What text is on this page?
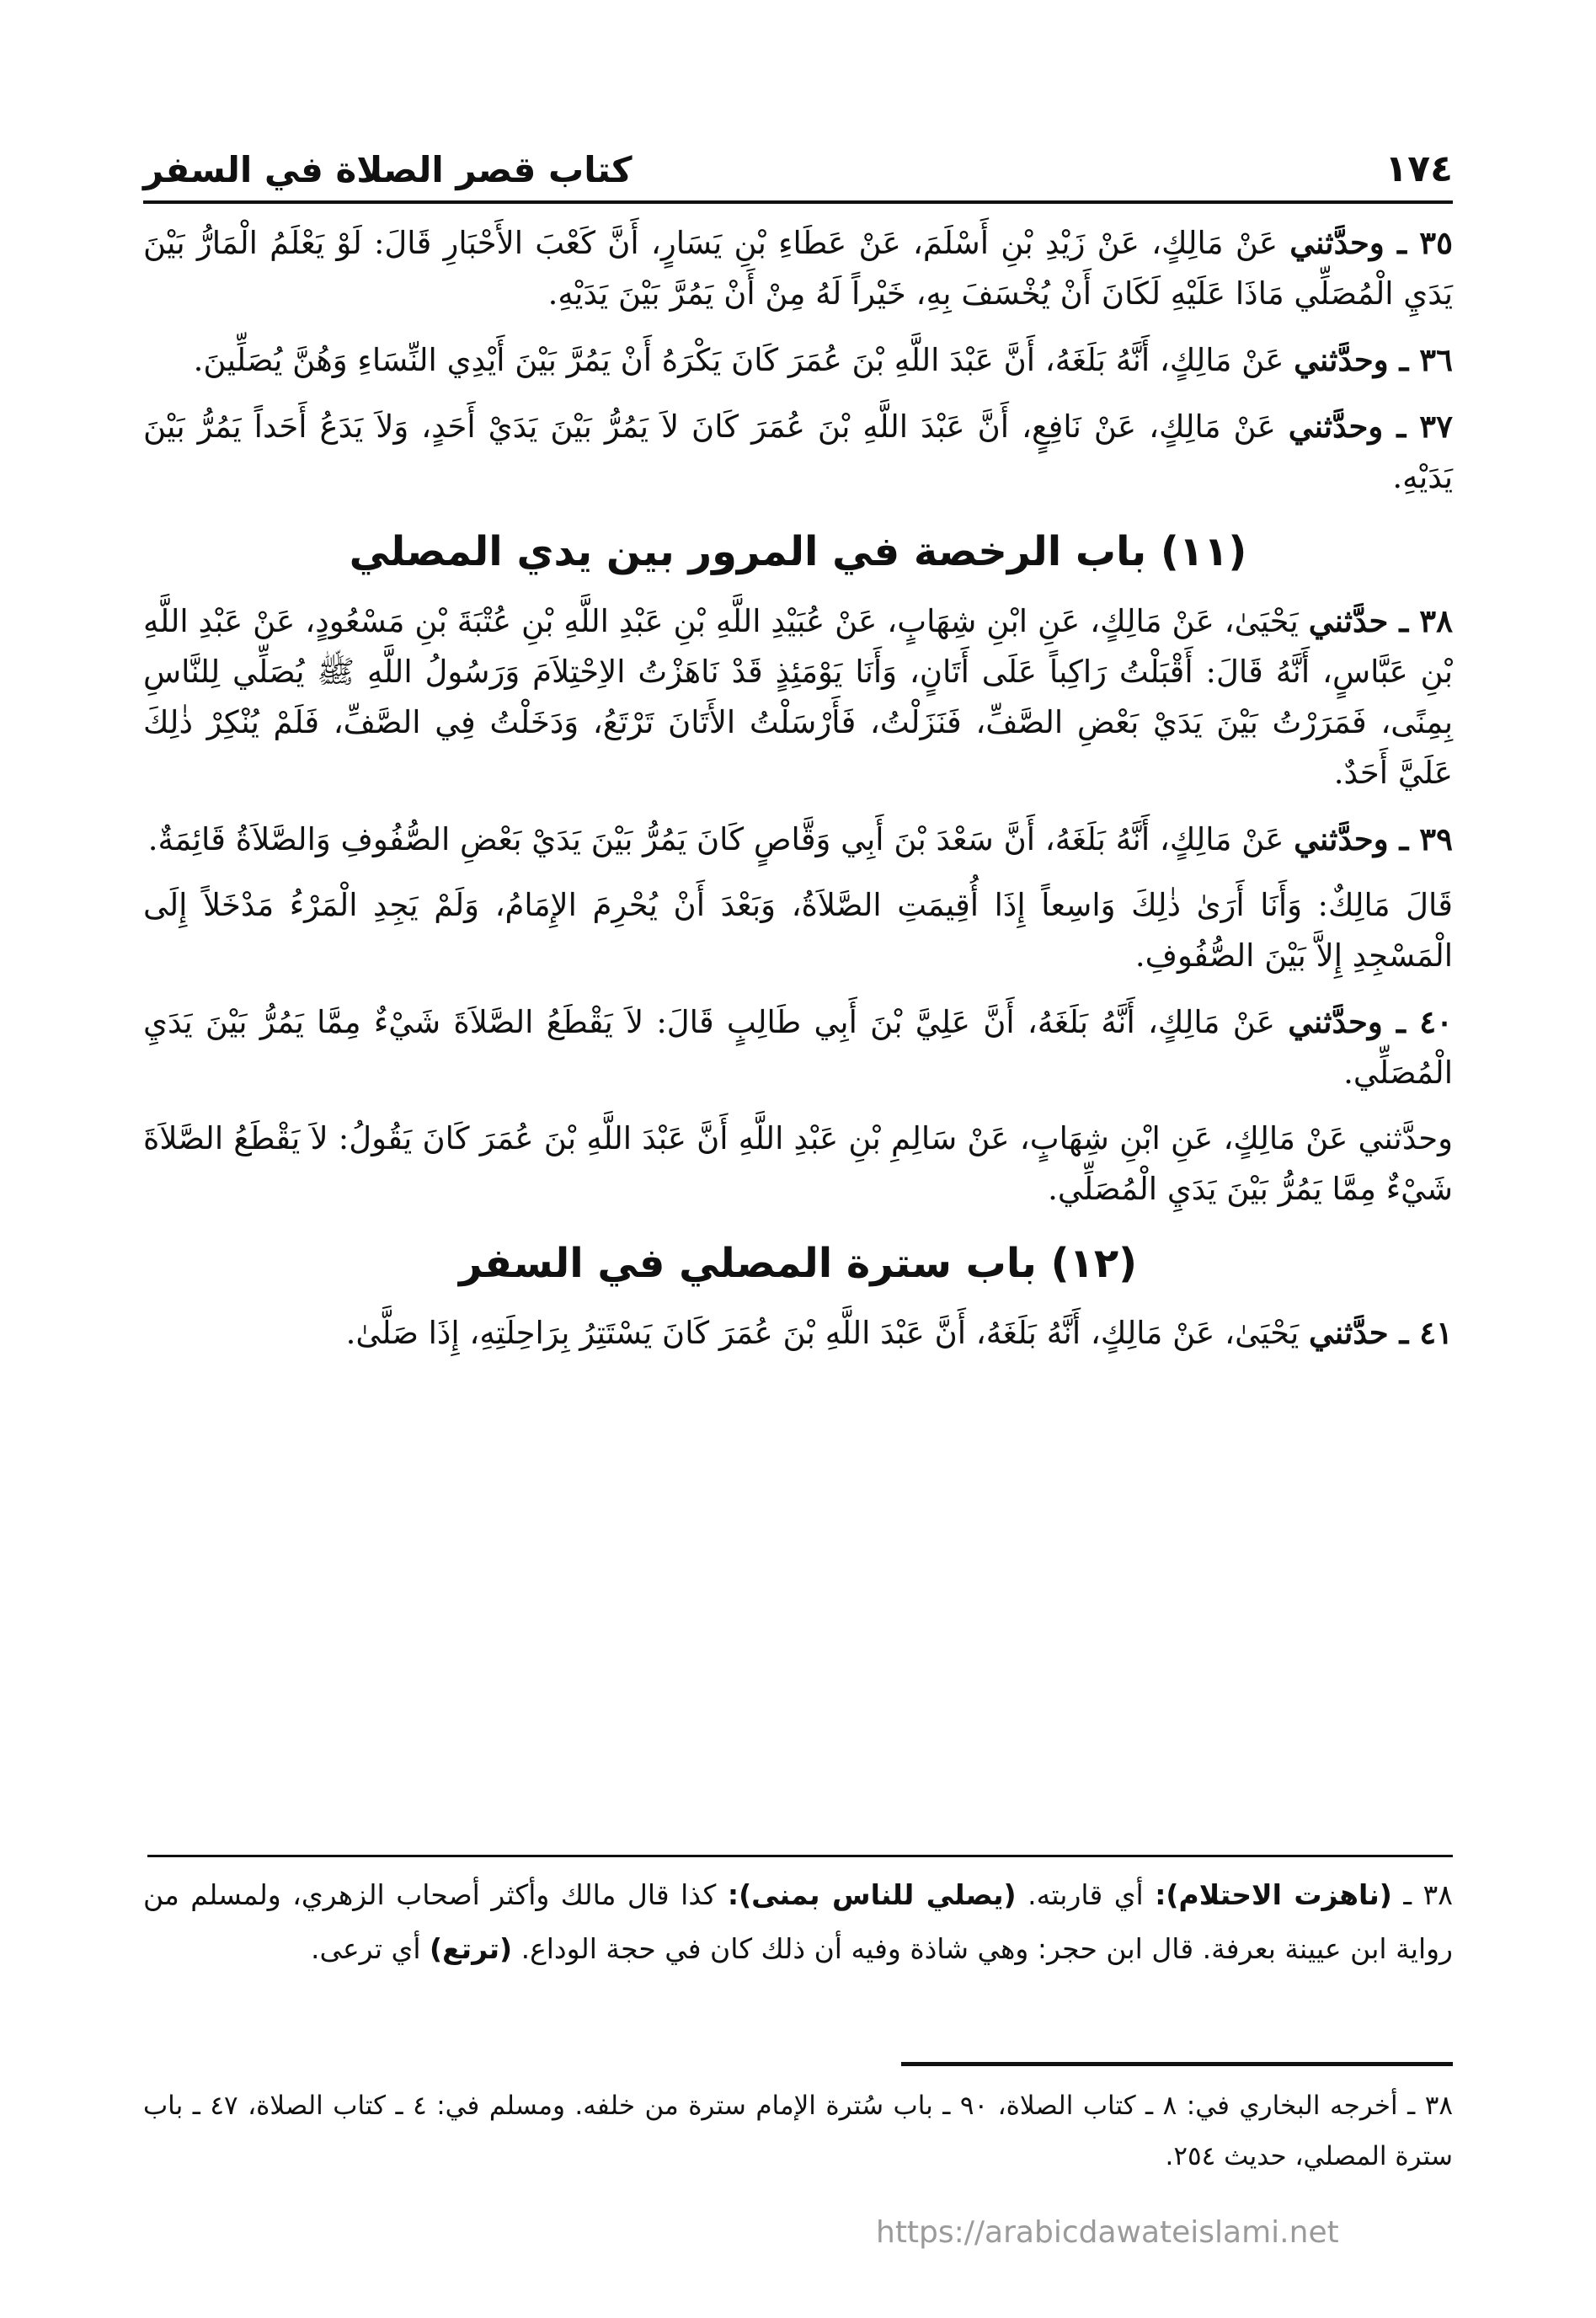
١٧٤
كتاب قصر الصلاة في السفر

٣٥ ـ وحدَّثني عَنْ مَالِكٍ، عَنْ زَيْدِ بْنِ أَسْلَمَ، عَنْ عَطَاءِ بْنِ يَسَارٍ، أَنَّ كَعْبَ الأَحْبَارِ قَالَ: لَوْ يَعْلَمُ الْمَارُّ بَيْنَ يَدَيِ الْمُصَلِّي مَاذَا عَلَيْهِ لَكَانَ أَنْ يُخْسَفَ بِهِ، خَيْراً لَهُ مِنْ أَنْ يَمُرَّ بَيْنَ يَدَيْهِ.

٣٦ ـ وحدَّثني عَنْ مَالِكٍ، أَنَّهُ بَلَغَهُ، أَنَّ عَبْدَ اللَّهِ بْنَ عُمَرَ كَانَ يَكْرَهُ أَنْ يَمُرَّ بَيْنَ أَيْدِي النِّسَاءِ وَهُنَّ يُصَلِّينَ.

٣٧ ـ وحدَّثني عَنْ مَالِكٍ، عَنْ نَافِعٍ، أَنَّ عَبْدَ اللَّهِ بْنَ عُمَرَ كَانَ لاَ يَمُرُّ بَيْنَ يَدَيْ أَحَدٍ، وَلاَ يَدَعُ أَحَداً يَمُرُّ بَيْنَ يَدَيْهِ.

(١١) باب الرخصة في المرور بين يدي المصلي

٣٨ ـ حدَّثني يَحْيَىٰ، عَنْ مَالِكٍ، عَنِ ابْنِ شِهَابٍ، عَنْ عُبَيْدِ اللَّهِ بْنِ عَبْدِ اللَّهِ بْنِ عُتْبَةَ بْنِ مَسْعُودٍ، عَنْ عَبْدِ اللَّهِ بْنِ عَبَّاسٍ، أَنَّهُ قَالَ: أَقْبَلْتُ رَاكِباً عَلَى أَتَانٍ، وَأَنَا يَوْمَئِذٍ قَدْ نَاهَزْتُ الاِحْتِلاَمَ وَرَسُولُ اللَّهِ ﷺ يُصَلِّي لِلنَّاسِ بِمِنًى، فَمَرَرْتُ بَيْنَ يَدَيْ بَعْضِ الصَّفِّ، فَنَزَلْتُ، فَأَرْسَلْتُ الأَتَانَ تَرْتَعُ، وَدَخَلْتُ فِي الصَّفِّ، فَلَمْ يُنْكِرْ ذٰلِكَ عَلَيَّ أَحَدٌ.

٣٩ ـ وحدَّثني عَنْ مَالِكٍ، أَنَّهُ بَلَغَهُ، أَنَّ سَعْدَ بْنَ أَبِي وَقَّاصٍ كَانَ يَمُرُّ بَيْنَ يَدَيْ بَعْضِ الصُّفُوفِ وَالصَّلاَةُ قَائِمَةٌ.

قَالَ مَالِكٌ: وَأَنَا أَرَىٰ ذٰلِكَ وَاسِعاً إِذَا أُقِيمَتِ الصَّلاَةُ، وَبَعْدَ أَنْ يُحْرِمَ الإِمَامُ، وَلَمْ يَجِدِ الْمَرْءُ مَدْخَلاً إِلَى الْمَسْجِدِ إِلاَّ بَيْنَ الصُّفُوفِ.

٤٠ ـ وحدَّثني عَنْ مَالِكٍ، أَنَّهُ بَلَغَهُ، أَنَّ عَلِيَّ بْنَ أَبِي طَالِبٍ قَالَ: لاَ يَقْطَعُ الصَّلاَةَ شَيْءٌ مِمَّا يَمُرُّ بَيْنَ يَدَيِ الْمُصَلِّي.

وحدَّثني عَنْ مَالِكٍ، عَنِ ابْنِ شِهَابٍ، عَنْ سَالِمِ بْنِ عَبْدِ اللَّهِ أَنَّ عَبْدَ اللَّهِ بْنَ عُمَرَ كَانَ يَقُولُ: لاَ يَقْطَعُ الصَّلاَةَ شَيْءٌ مِمَّا يَمُرُّ بَيْنَ يَدَيِ الْمُصَلِّي.

(١٢) باب سترة المصلي في السفر

٤١ ـ حدَّثني يَحْيَىٰ، عَنْ مَالِكٍ، أَنَّهُ بَلَغَهُ، أَنَّ عَبْدَ اللَّهِ بْنَ عُمَرَ كَانَ يَسْتَتِرُ بِرَاحِلَتِهِ، إِذَا صَلَّىٰ.

٣٨ ـ (ناهزت الاحتلام): أي قاربته. (يصلي للناس بمنى): كذا قال مالك وأكثر أصحاب الزهري، ولمسلم من رواية ابن عيينة بعرفة. قال ابن حجر: وهي شاذة وفيه أن ذلك كان في حجة الوداع. (ترتع) أي ترعى.
٣٨ ـ أخرجه البخاري في: ٨ ـ كتاب الصلاة، ٩٠ ـ باب سُترة الإمام سترة من خلفه. ومسلم في: ٤ ـ كتاب الصلاة، ٤٧ ـ باب سترة المصلي، حديث ٢٥٤.
https://arabicdawateislami.net
